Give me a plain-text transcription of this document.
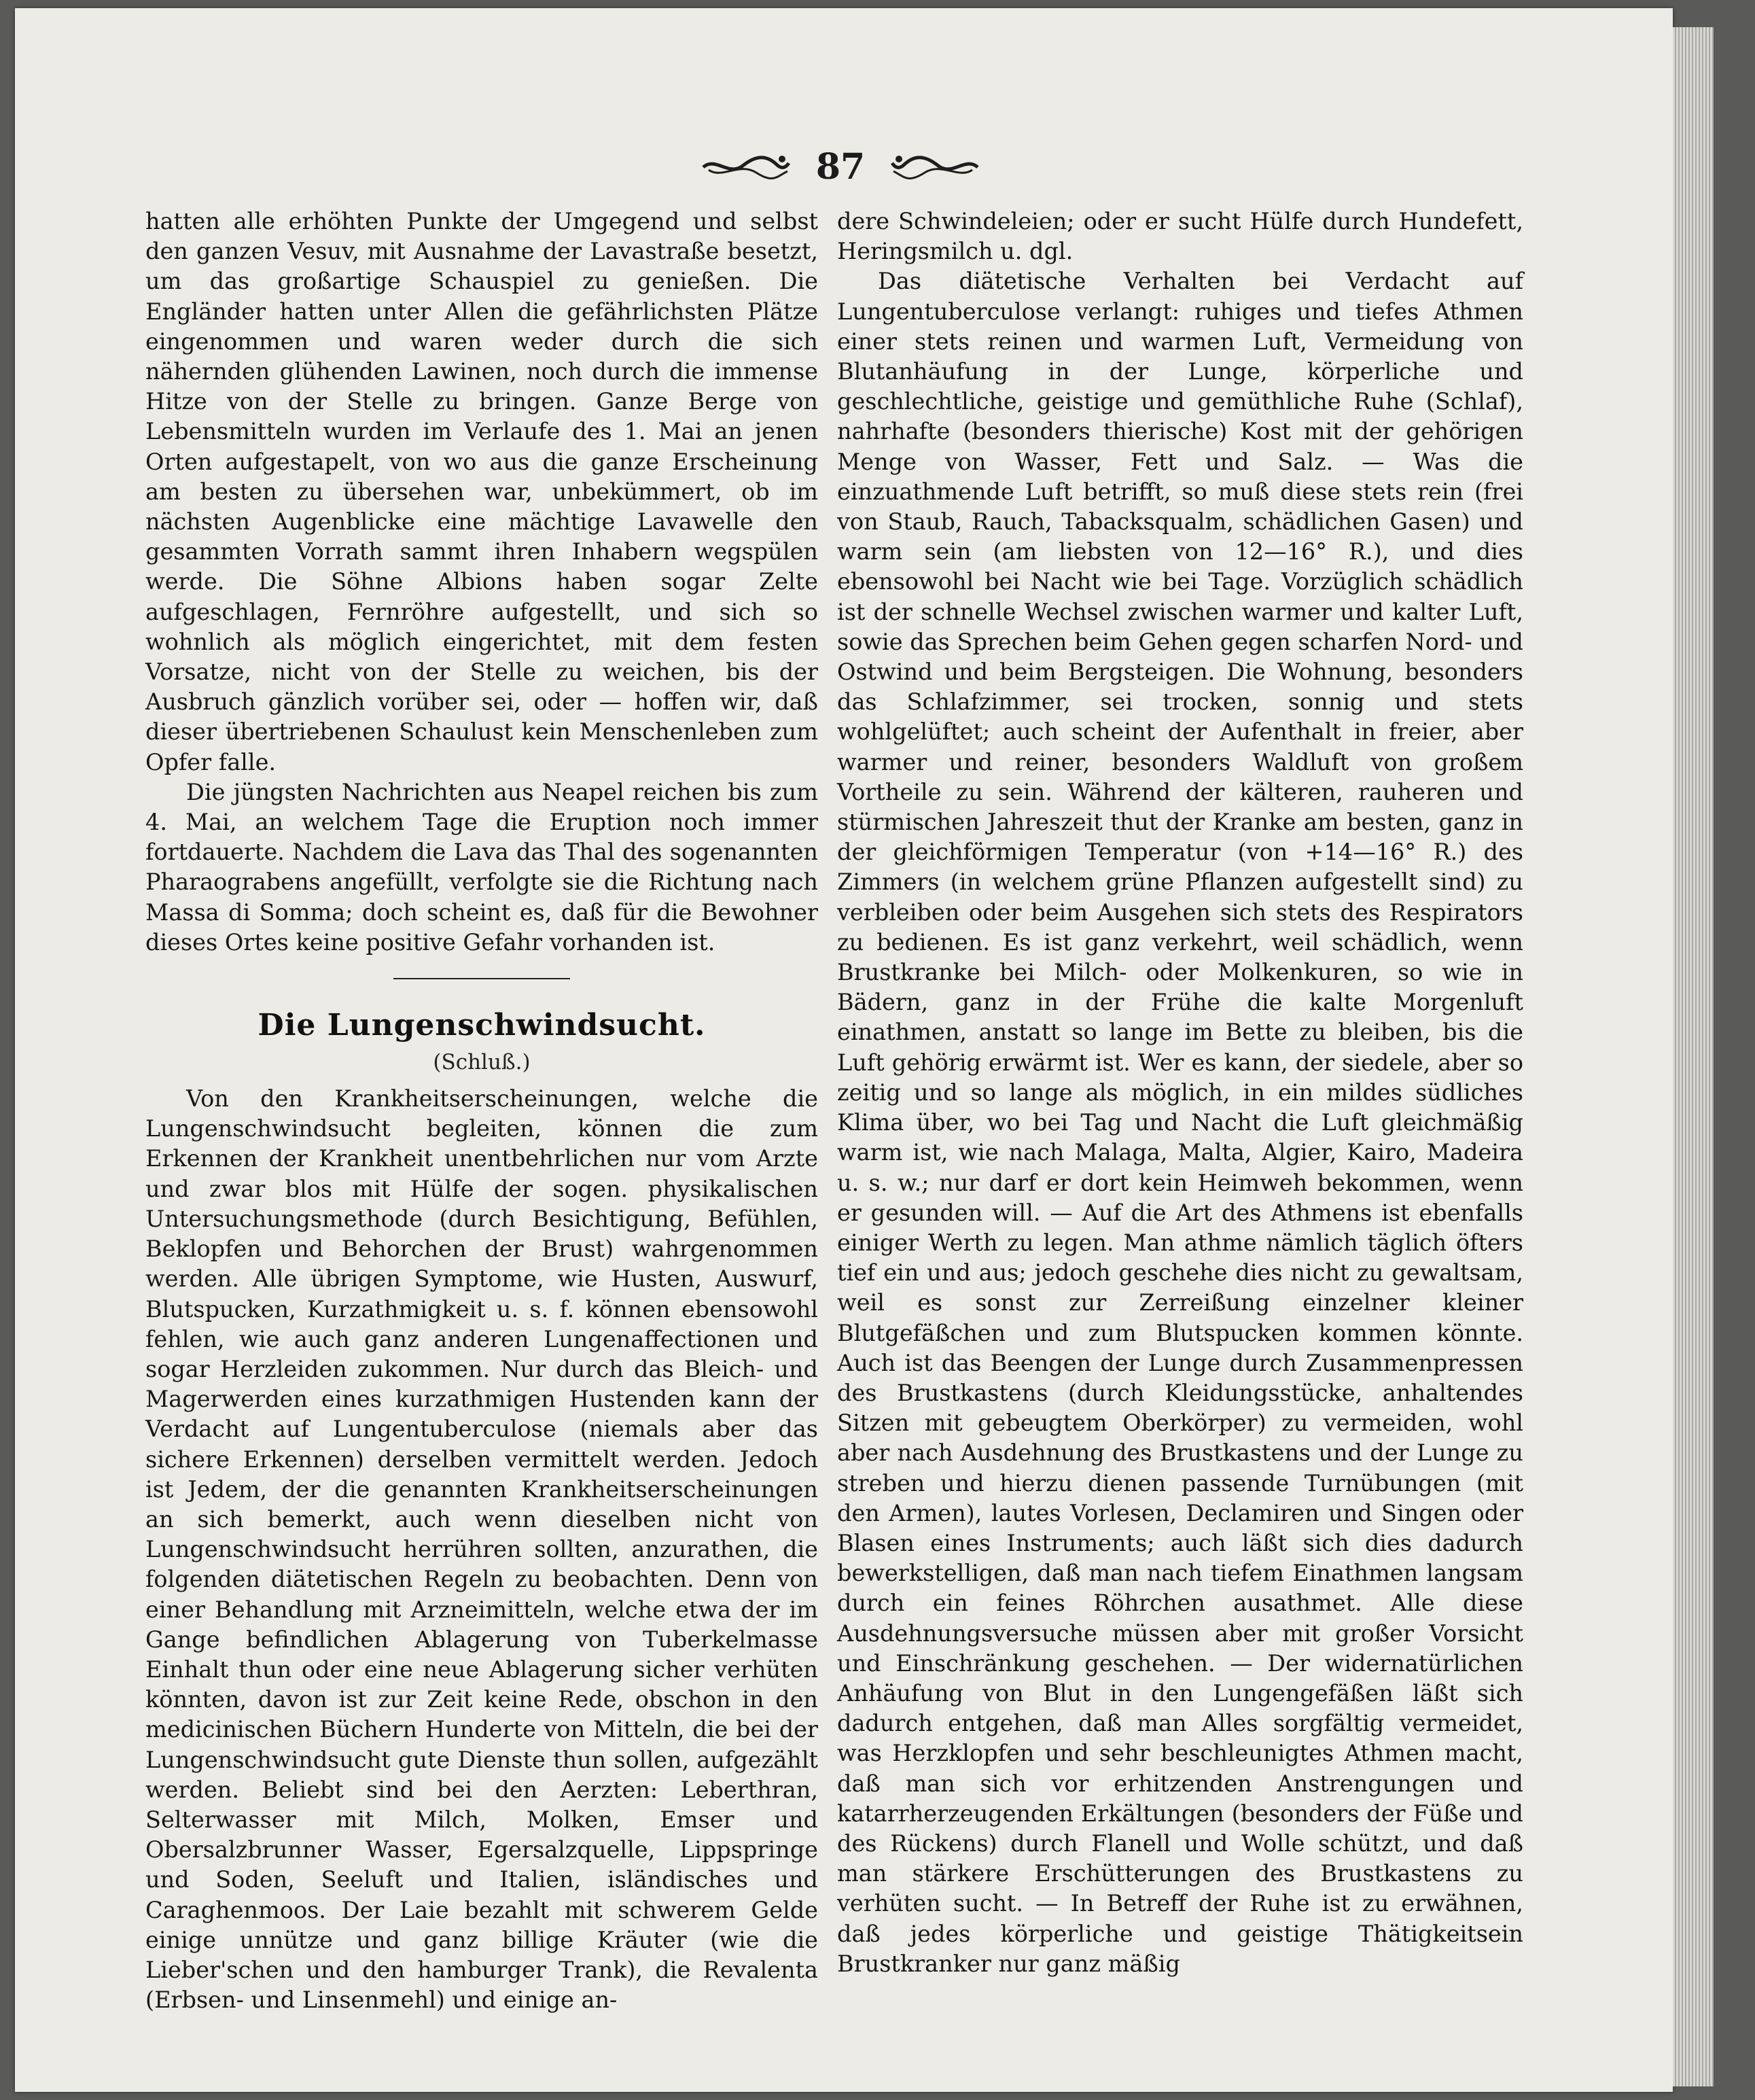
87

hatten alle erhöhten Punkte der Umgegend und selbst den ganzen Vesuv, mit Ausnahme der Lavastraße besetzt, um das großartige Schauspiel zu genießen. Die Engländer hatten unter Allen die gefährlichsten Plätze eingenommen und waren weder durch die sich nähernden glühenden Lawinen, noch durch die immense Hitze von der Stelle zu bringen. Ganze Berge von Lebensmitteln wurden im Verlaufe des 1. Mai an jenen Orten aufgestapelt, von wo aus die ganze Erscheinung am besten zu übersehen war, unbekümmert, ob im nächsten Augenblicke eine mächtige Lavawelle den gesammten Vorrath sammt ihren Inhabern wegspülen werde. Die Söhne Albions haben sogar Zelte aufgeschlagen, Fernröhre aufgestellt, und sich so wohnlich als möglich eingerichtet, mit dem festen Vorsatze, nicht von der Stelle zu weichen, bis der Ausbruch gänzlich vorüber sei, oder — hoffen wir, daß dieser übertriebenen Schaulust kein Menschenleben zum Opfer falle.

Die jüngsten Nachrichten aus Neapel reichen bis zum 4. Mai, an welchem Tage die Eruption noch immer fortdauerte. Nachdem die Lava das Thal des sogenannten Pharaograbens angefüllt, verfolgte sie die Richtung nach Massa di Somma; doch scheint es, daß für die Bewohner dieses Ortes keine positive Gefahr vorhanden ist.

Die Lungenschwindsucht.
(Schluß.)

Von den Krankheitserscheinungen, welche die Lungenschwindsucht begleiten, können die zum Erkennen der Krankheit unentbehrlichen nur vom Arzte und zwar blos mit Hülfe der sogen. physikalischen Untersuchungsmethode (durch Besichtigung, Befühlen, Beklopfen und Behorchen der Brust) wahrgenommen werden. Alle übrigen Symptome, wie Husten, Auswurf, Blutspucken, Kurzathmigkeit u. s. f. können ebensowohl fehlen, wie auch ganz anderen Lungenaffectionen und sogar Herzleiden zukommen. Nur durch das Bleich- und Magerwerden eines kurzathmigen Hustenden kann der Verdacht auf Lungentuberculose (niemals aber das sichere Erkennen) derselben vermittelt werden. Jedoch ist Jedem, der die genannten Krankheitserscheinungen an sich bemerkt, auch wenn dieselben nicht von Lungenschwindsucht herrühren sollten, anzurathen, die folgenden diätetischen Regeln zu beobachten. Denn von einer Behandlung mit Arzneimitteln, welche etwa der im Gange befindlichen Ablagerung von Tuberkelmasse Einhalt thun oder eine neue Ablagerung sicher verhüten könnten, davon ist zur Zeit keine Rede, obschon in den medicinischen Büchern Hunderte von Mitteln, die bei der Lungenschwindsucht gute Dienste thun sollen, aufgezählt werden. Beliebt sind bei den Aerzten: Leberthran, Selterwasser mit Milch, Molken, Emser und Obersalzbrunner Wasser, Egersalzquelle, Lippspringe und Soden, Seeluft und Italien, isländisches und Caraghenmoos. Der Laie bezahlt mit schwerem Gelde einige unnütze und ganz billige Kräuter (wie die Lieber'schen und den hamburger Trank), die Revalenta (Erbsen- und Linsenmehl) und einige an-

dere Schwindeleien; oder er sucht Hülfe durch Hundefett, Heringsmilch u. dgl.

Das diätetische Verhalten bei Verdacht auf Lungentuberculose verlangt: ruhiges und tiefes Athmen einer stets reinen und warmen Luft, Vermeidung von Blutanhäufung in der Lunge, körperliche und geschlechtliche, geistige und gemüthliche Ruhe (Schlaf), nahrhafte (besonders thierische) Kost mit der gehörigen Menge von Wasser, Fett und Salz. — Was die einzuathmende Luft betrifft, so muß diese stets rein (frei von Staub, Rauch, Tabacksqualm, schädlichen Gasen) und warm sein (am liebsten von 12—16° R.), und dies ebensowohl bei Nacht wie bei Tage. Vorzüglich schädlich ist der schnelle Wechsel zwischen warmer und kalter Luft, sowie das Sprechen beim Gehen gegen scharfen Nord- und Ostwind und beim Bergsteigen. Die Wohnung, besonders das Schlafzimmer, sei trocken, sonnig und stets wohlgelüftet; auch scheint der Aufenthalt in freier, aber warmer und reiner, besonders Waldluft von großem Vortheile zu sein. Während der kälteren, rauheren und stürmischen Jahreszeit thut der Kranke am besten, ganz in der gleichförmigen Temperatur (von +14—16° R.) des Zimmers (in welchem grüne Pflanzen aufgestellt sind) zu verbleiben oder beim Ausgehen sich stets des Respirators zu bedienen. Es ist ganz verkehrt, weil schädlich, wenn Brustkranke bei Milch- oder Molkenkuren, so wie in Bädern, ganz in der Frühe die kalte Morgenluft einathmen, anstatt so lange im Bette zu bleiben, bis die Luft gehörig erwärmt ist. Wer es kann, der siedele, aber so zeitig und so lange als möglich, in ein mildes südliches Klima über, wo bei Tag und Nacht die Luft gleichmäßig warm ist, wie nach Malaga, Malta, Algier, Kairo, Madeira u. s. w.; nur darf er dort kein Heimweh bekommen, wenn er gesunden will. — Auf die Art des Athmens ist ebenfalls einiger Werth zu legen. Man athme nämlich täglich öfters tief ein und aus; jedoch geschehe dies nicht zu gewaltsam, weil es sonst zur Zerreißung einzelner kleiner Blutgefäßchen und zum Blutspucken kommen könnte. Auch ist das Beengen der Lunge durch Zusammenpressen des Brustkastens (durch Kleidungsstücke, anhaltendes Sitzen mit gebeugtem Oberkörper) zu vermeiden, wohl aber nach Ausdehnung des Brustkastens und der Lunge zu streben und hierzu dienen passende Turnübungen (mit den Armen), lautes Vorlesen, Declamiren und Singen oder Blasen eines Instruments; auch läßt sich dies dadurch bewerkstelligen, daß man nach tiefem Einathmen langsam durch ein feines Röhrchen ausathmet. Alle diese Ausdehnungsversuche müssen aber mit großer Vorsicht und Einschränkung geschehen. — Der widernatürlichen Anhäufung von Blut in den Lungengefäßen läßt sich dadurch entgehen, daß man Alles sorgfältig vermeidet, was Herzklopfen und sehr beschleunigtes Athmen macht, daß man sich vor erhitzenden Anstrengungen und katarrherzeugenden Erkältungen (besonders der Füße und des Rückens) durch Flanell und Wolle schützt, und daß man stärkere Erschütterungen des Brustkastens zu verhüten sucht. — In Betreff der Ruhe ist zu erwähnen, daß jedes körperliche und geistige Thätigkeitsein Brustkranker nur ganz mäßig
